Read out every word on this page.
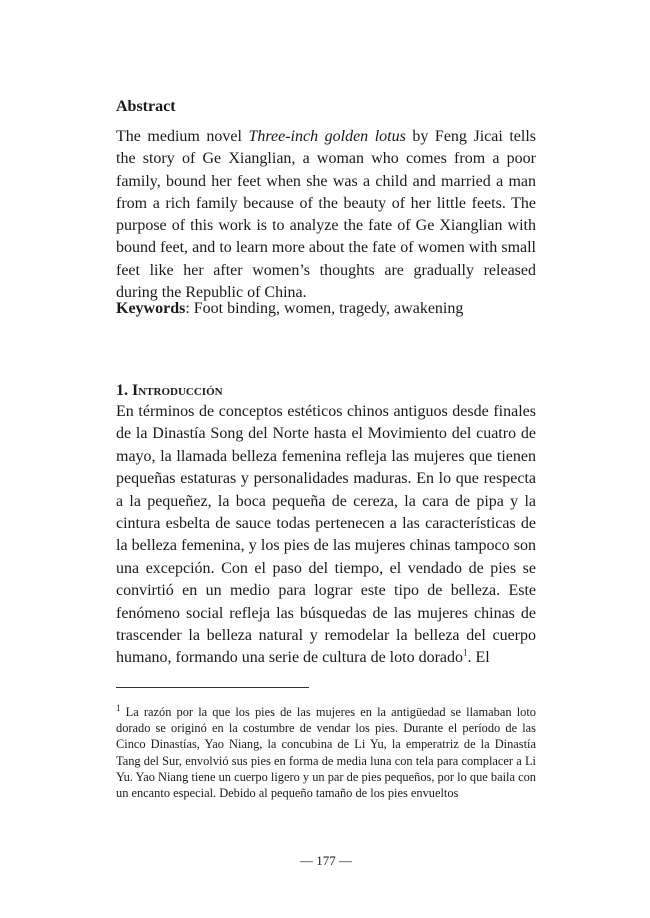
Abstract

The medium novel Three-inch golden lotus by Feng Jicai tells the story of Ge Xianglian, a woman who comes from a poor family, bound her feet when she was a child and married a man from a rich family because of the beauty of her little feets. The purpose of this work is to analyze the fate of Ge Xianglian with bound feet, and to learn more about the fate of women with small feet like her after women’s thoughts are gradually released during the Republic of China.

Keywords: Foot binding, women, tragedy, awakening

1. Introducción

En términos de conceptos estéticos chinos antiguos desde finales de la Dinastía Song del Norte hasta el Movimiento del cuatro de mayo, la llamada belleza femenina refleja las mujeres que tienen pequeñas estaturas y personalidades maduras. En lo que respecta a la pequeñez, la boca pequeña de cereza, la cara de pipa y la cintura esbelta de sauce todas pertenecen a las características de la belleza femenina, y los pies de las mujeres chinas tampoco son una excepción. Con el paso del tiempo, el vendado de pies se convirtió en un medio para lograr este tipo de belleza. Este fenómeno social refleja las búsquedas de las mujeres chinas de trascender la belleza natural y remodelar la belleza del cuerpo humano, formando una serie de cultura de loto dorado$^1$. El

$^1$ La razón por la que los pies de las mujeres en la antigüedad se llamaban loto dorado se originó en la costumbre de vendar los pies. Durante el período de las Cinco Dinastías, Yao Niang, la concubina de Li Yu, la emperatriz de la Dinastía Tang del Sur, envolvió sus pies en forma de media luna con tela para complacer a Li Yu. Yao Niang tiene un cuerpo ligero y un par de pies pequeños, por lo que baila con un encanto especial. Debido al pequeño tamaño de los pies envueltos

— 177 —
